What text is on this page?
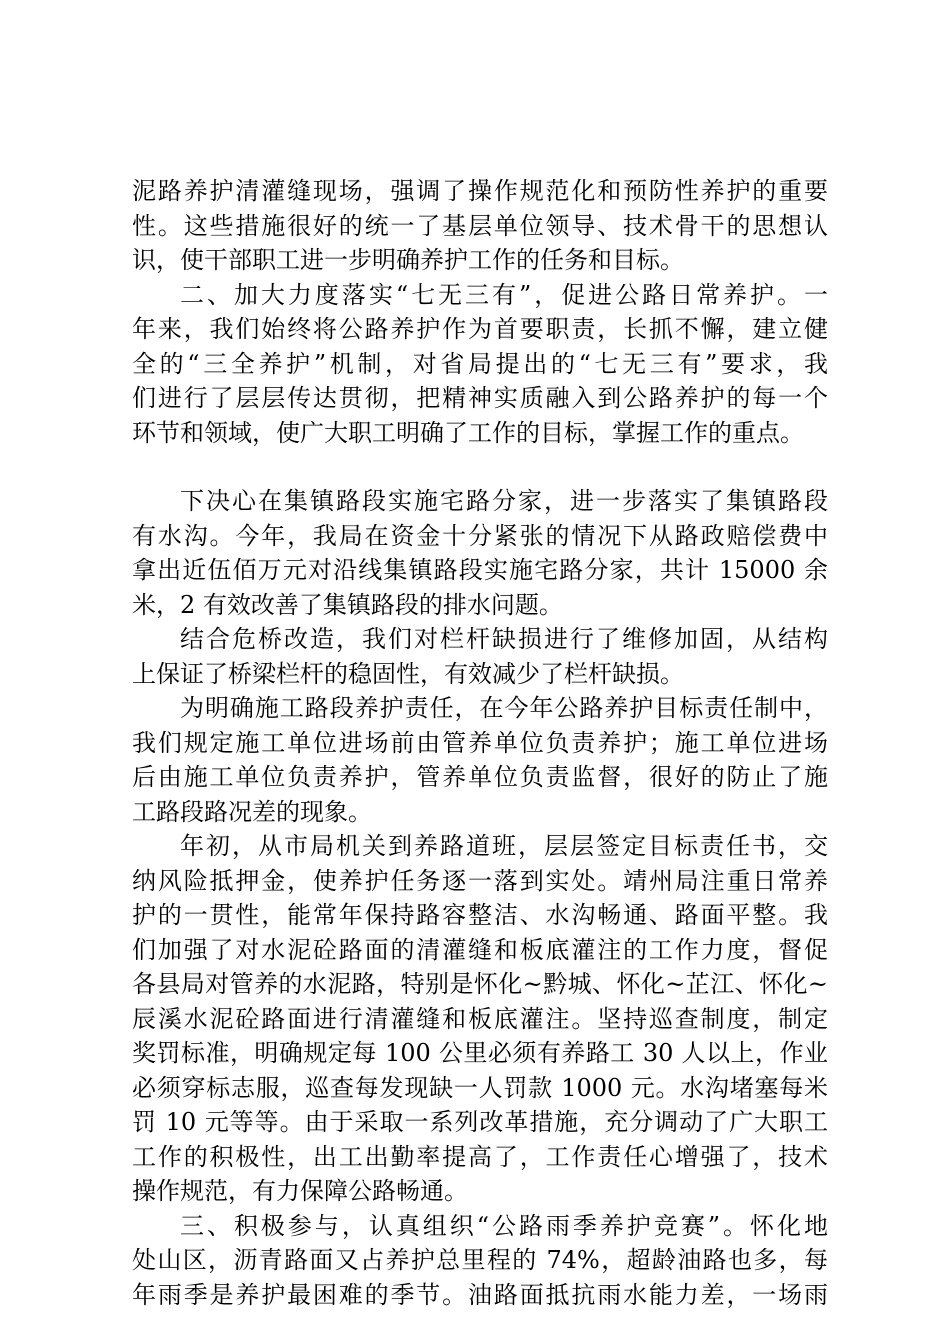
泥路养护清灌缝现场，强调了操作规范化和预防性养护的重要
性。这些措施很好的统一了基层单位领导、技术骨干的思想认
识，使干部职工进一步明确养护工作的任务和目标。
二、加大力度落实“七无三有”，促进公路日常养护。一
年来，我们始终将公路养护作为首要职责，长抓不懈，建立健
全的“三全养护”机制，对省局提出的“七无三有”要求，我
们进行了层层传达贯彻，把精神实质融入到公路养护的每一个
环节和领域，使广大职工明确了工作的目标，掌握工作的重点。
下决心在集镇路段实施宅路分家，进一步落实了集镇路段
有水沟。今年，我局在资金十分紧张的情况下从路政赔偿费中
拿出近伍佰万元对沿线集镇路段实施宅路分家，共计 15000 余
米，2 有效改善了集镇路段的排水问题。
结合危桥改造，我们对栏杆缺损进行了维修加固，从结构
上保证了桥梁栏杆的稳固性，有效减少了栏杆缺损。
为明确施工路段养护责任，在今年公路养护目标责任制中，
我们规定施工单位进场前由管养单位负责养护；施工单位进场
后由施工单位负责养护，管养单位负责监督，很好的防止了施
工路段路况差的现象。
年初，从市局机关到养路道班，层层签定目标责任书，交
纳风险抵押金，使养护任务逐一落到实处。靖州局注重日常养
护的一贯性，能常年保持路容整洁、水沟畅通、路面平整。我
们加强了对水泥砼路面的清灌缝和板底灌注的工作力度，督促
各县局对管养的水泥路，特别是怀化~黔城、怀化~芷江、怀化~
辰溪水泥砼路面进行清灌缝和板底灌注。坚持巡查制度，制定
奖罚标准，明确规定每 100 公里必须有养路工 30 人以上，作业
必须穿标志服，巡查每发现缺一人罚款 1000 元。水沟堵塞每米
罚 10 元等等。由于采取一系列改革措施，充分调动了广大职工
工作的积极性，出工出勤率提高了，工作责任心增强了，技术
操作规范，有力保障公路畅通。
三、积极参与，认真组织“公路雨季养护竞赛”。怀化地
处山区，沥青路面又占养护总里程的 74%，超龄油路也多，每
年雨季是养护最困难的季节。油路面抵抗雨水能力差，一场雨
